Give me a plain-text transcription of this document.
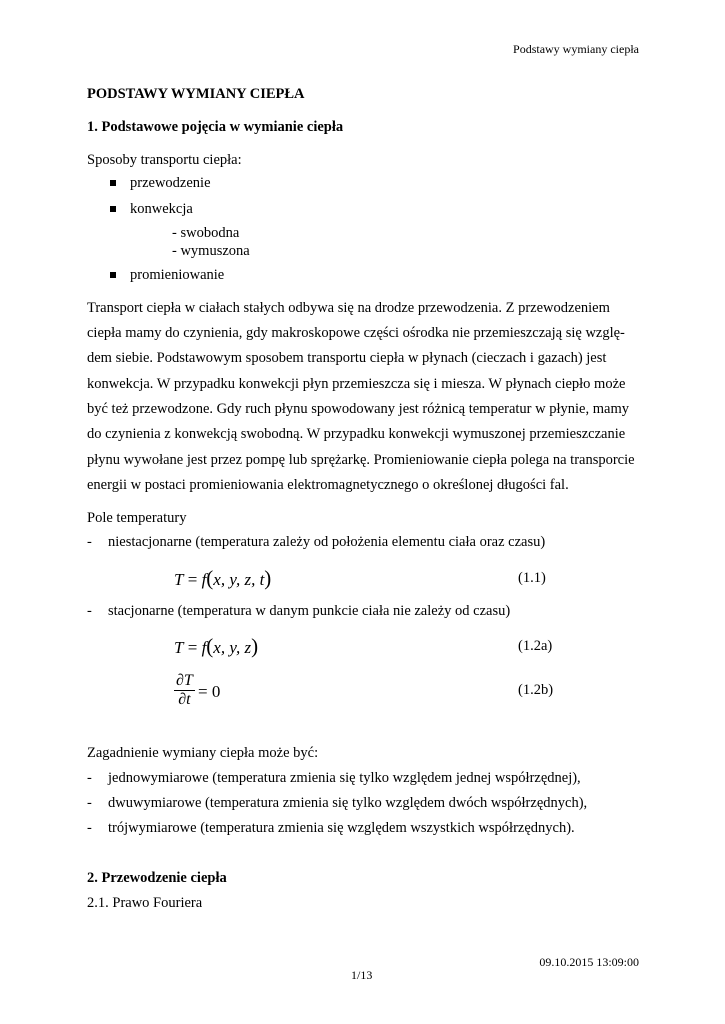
Podstawy wymiany ciepła
PODSTAWY WYMIANY CIEPŁA
1. Podstawowe pojęcia w wymianie ciepła
Sposoby transportu ciepła:
przewodzenie
konwekcja
- swobodna
- wymuszona
promieniowanie
Transport ciepła w ciałach stałych odbywa się na drodze przewodzenia. Z przewodzeniem
ciepła mamy do czynienia, gdy makroskopowe części ośrodka nie przemieszczają się wzglę-
dem siebie. Podstawowym sposobem transportu ciepła w płynach (cieczach i gazach) jest
konwekcja. W przypadku konwekcji płyn przemieszcza się i miesza. W płynach ciepło może
być też przewodzone. Gdy ruch płynu spowodowany jest różnicą temperatur w płynie, mamy
do czynienia z konwekcją swobodną. W przypadku konwekcji wymuszonej przemieszczanie
płynu wywołane jest przez pompę lub sprężarkę. Promieniowanie ciepła polega na transporcie
energii w postaci promieniowania elektromagnetycznego o określonej długości fal.
Pole temperatury
- niestacjonarne (temperatura zależy od położenia elementu ciała oraz czasu)
T = f(x, y, z, t)	(1.1)
- stacjonarne (temperatura w danym punkcie ciała nie zależy od czasu)
T = f(x, y, z)	(1.2a)
$\frac{\partial T}{\partial t} = 0$	(1.2b)
Zagadnienie wymiany ciepła może być:
- jednowymiarowe (temperatura zmienia się tylko względem jednej współrzędnej),
- dwuwymiarowe (temperatura zmienia się tylko względem dwóch współrzędnych),
- trójwymiarowe (temperatura zmienia się względem wszystkich współrzędnych).
2. Przewodzenie ciepła
2.1. Prawo Fouriera
09.10.2015 13:09:00
1/13
